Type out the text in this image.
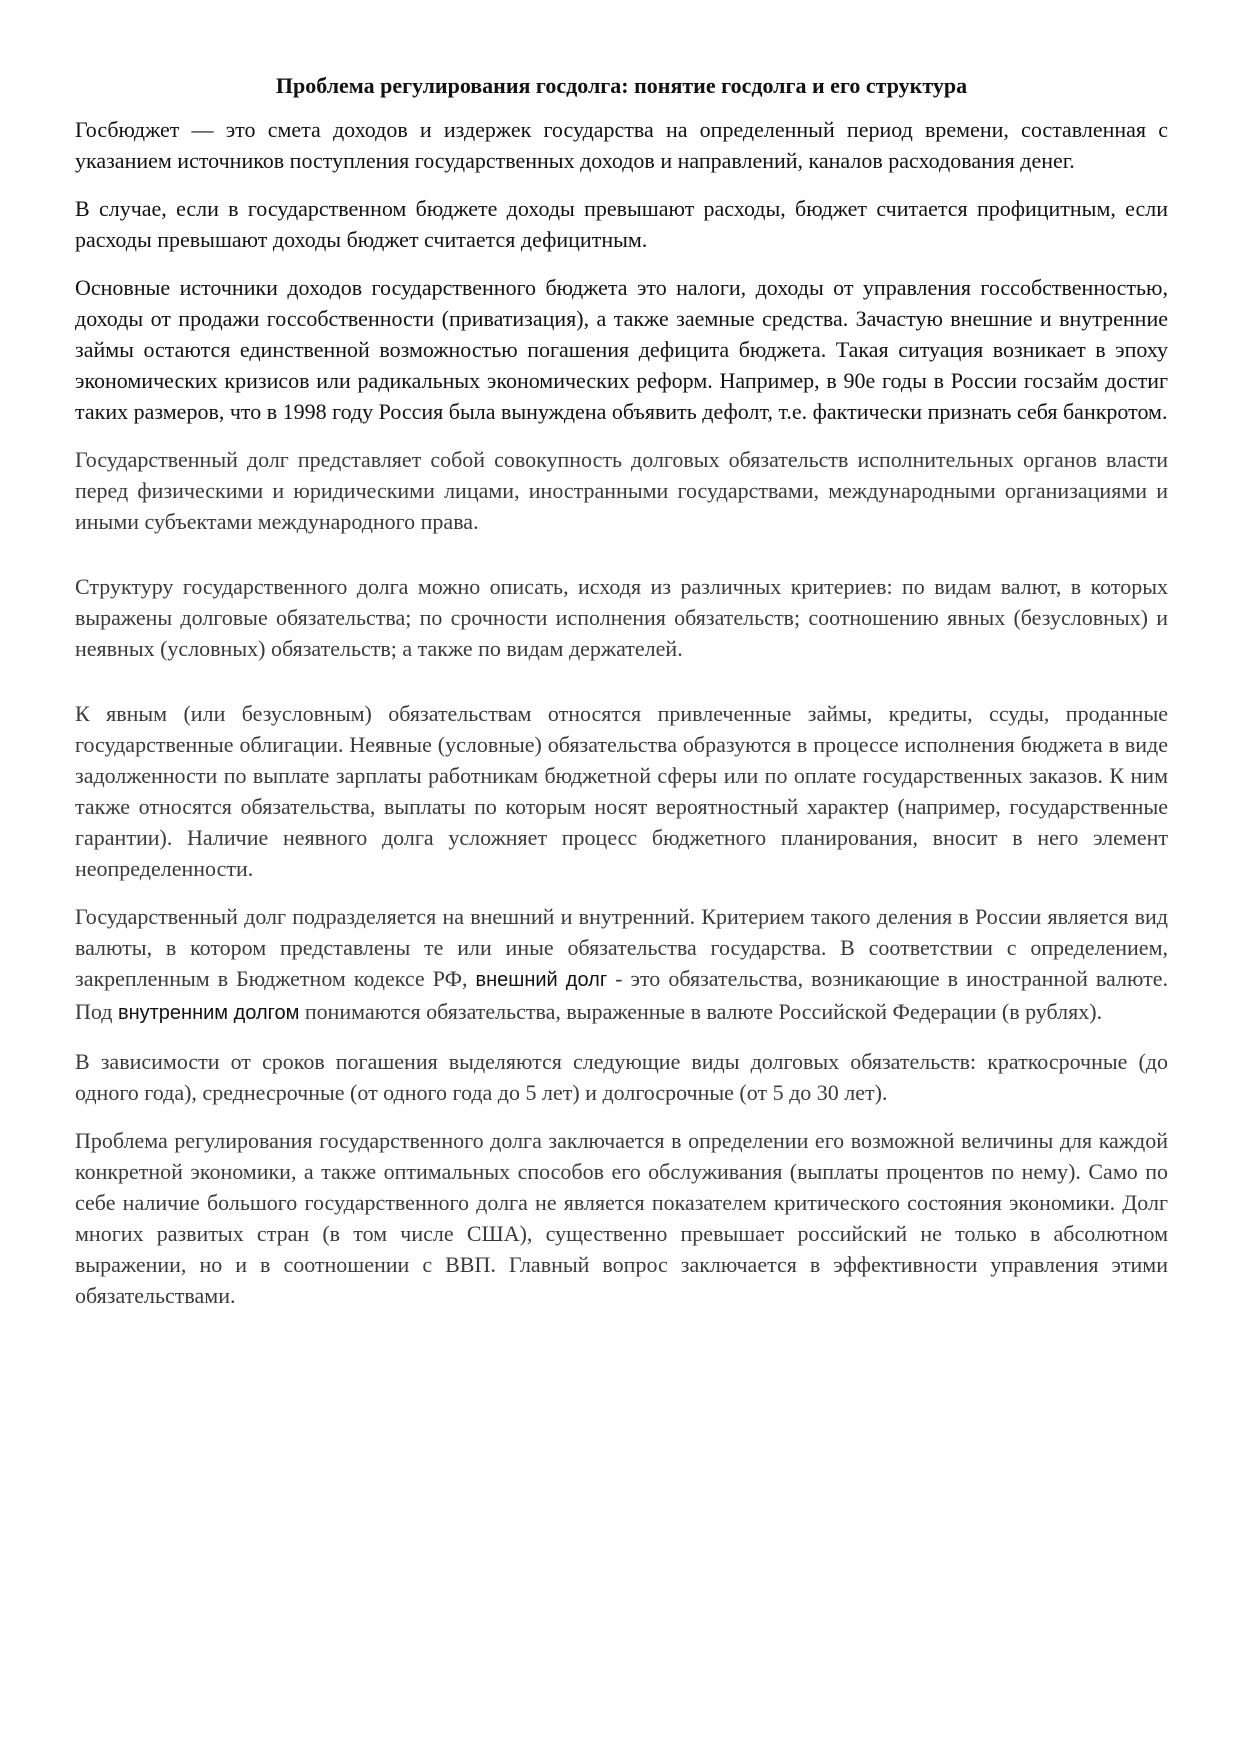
Проблема регулирования госдолга: понятие госдолга и его структура

Госбюджет — это смета доходов и издержек государства на определенный период времени, составленная с указанием источников поступления государственных доходов и направлений, каналов расходования денег.

В случае, если в государственном бюджете доходы превышают расходы, бюджет считается профицитным, если расходы превышают доходы бюджет считается дефицитным.

Основные источники доходов государственного бюджета это налоги, доходы от управления госсобственностью, доходы от продажи госсобственности (приватизация), а также заемные средства. Зачастую внешние и внутренние займы остаются единственной возможностью погашения дефицита бюджета. Такая ситуация возникает в эпоху экономических кризисов или радикальных экономических реформ. Например, в 90е годы в России госзайм достиг таких размеров, что в 1998 году Россия была вынуждена объявить дефолт, т.е. фактически признать себя банкротом.

Государственный долг представляет собой совокупность долговых обязательств исполнительных органов власти перед физическими и юридическими лицами, иностранными государствами, международными организациями и иными субъектами международного права.

Структуру государственного долга можно описать, исходя из различных критериев: по видам валют, в которых выражены долговые обязательства; по срочности исполнения обязательств; соотношению явных (безусловных) и неявных (условных) обязательств; а также по видам держателей.

К явным (или безусловным) обязательствам относятся привлеченные займы, кредиты, ссуды, проданные государственные облигации. Неявные (условные) обязательства образуются в процессе исполнения бюджета в виде задолженности по выплате зарплаты работникам бюджетной сферы или по оплате государственных заказов. К ним также относятся обязательства, выплаты по которым носят вероятностный характер (например, государственные гарантии). Наличие неявного долга усложняет процесс бюджетного планирования, вносит в него элемент неопределенности.

Государственный долг подразделяется на внешний и внутренний. Критерием такого деления в России является вид валюты, в котором представлены те или иные обязательства государства. В соответствии с определением, закрепленным в Бюджетном кодексе РФ, внешний долг - это обязательства, возникающие в иностранной валюте. Под внутренним долгом понимаются обязательства, выраженные в валюте Российской Федерации (в рублях).

В зависимости от сроков погашения выделяются следующие виды долговых обязательств: краткосрочные (до одного года), среднесрочные (от одного года до 5 лет) и долгосрочные (от 5 до 30 лет).

Проблема регулирования государственного долга заключается в определении его возможной величины для каждой конкретной экономики, а также оптимальных способов его обслуживания (выплаты процентов по нему). Само по себе наличие большого государственного долга не является показателем критического состояния экономики. Долг многих развитых стран (в том числе США), существенно превышает российский не только в абсолютном выражении, но и в соотношении с ВВП. Главный вопрос заключается в эффективности управления этими обязательствами.
